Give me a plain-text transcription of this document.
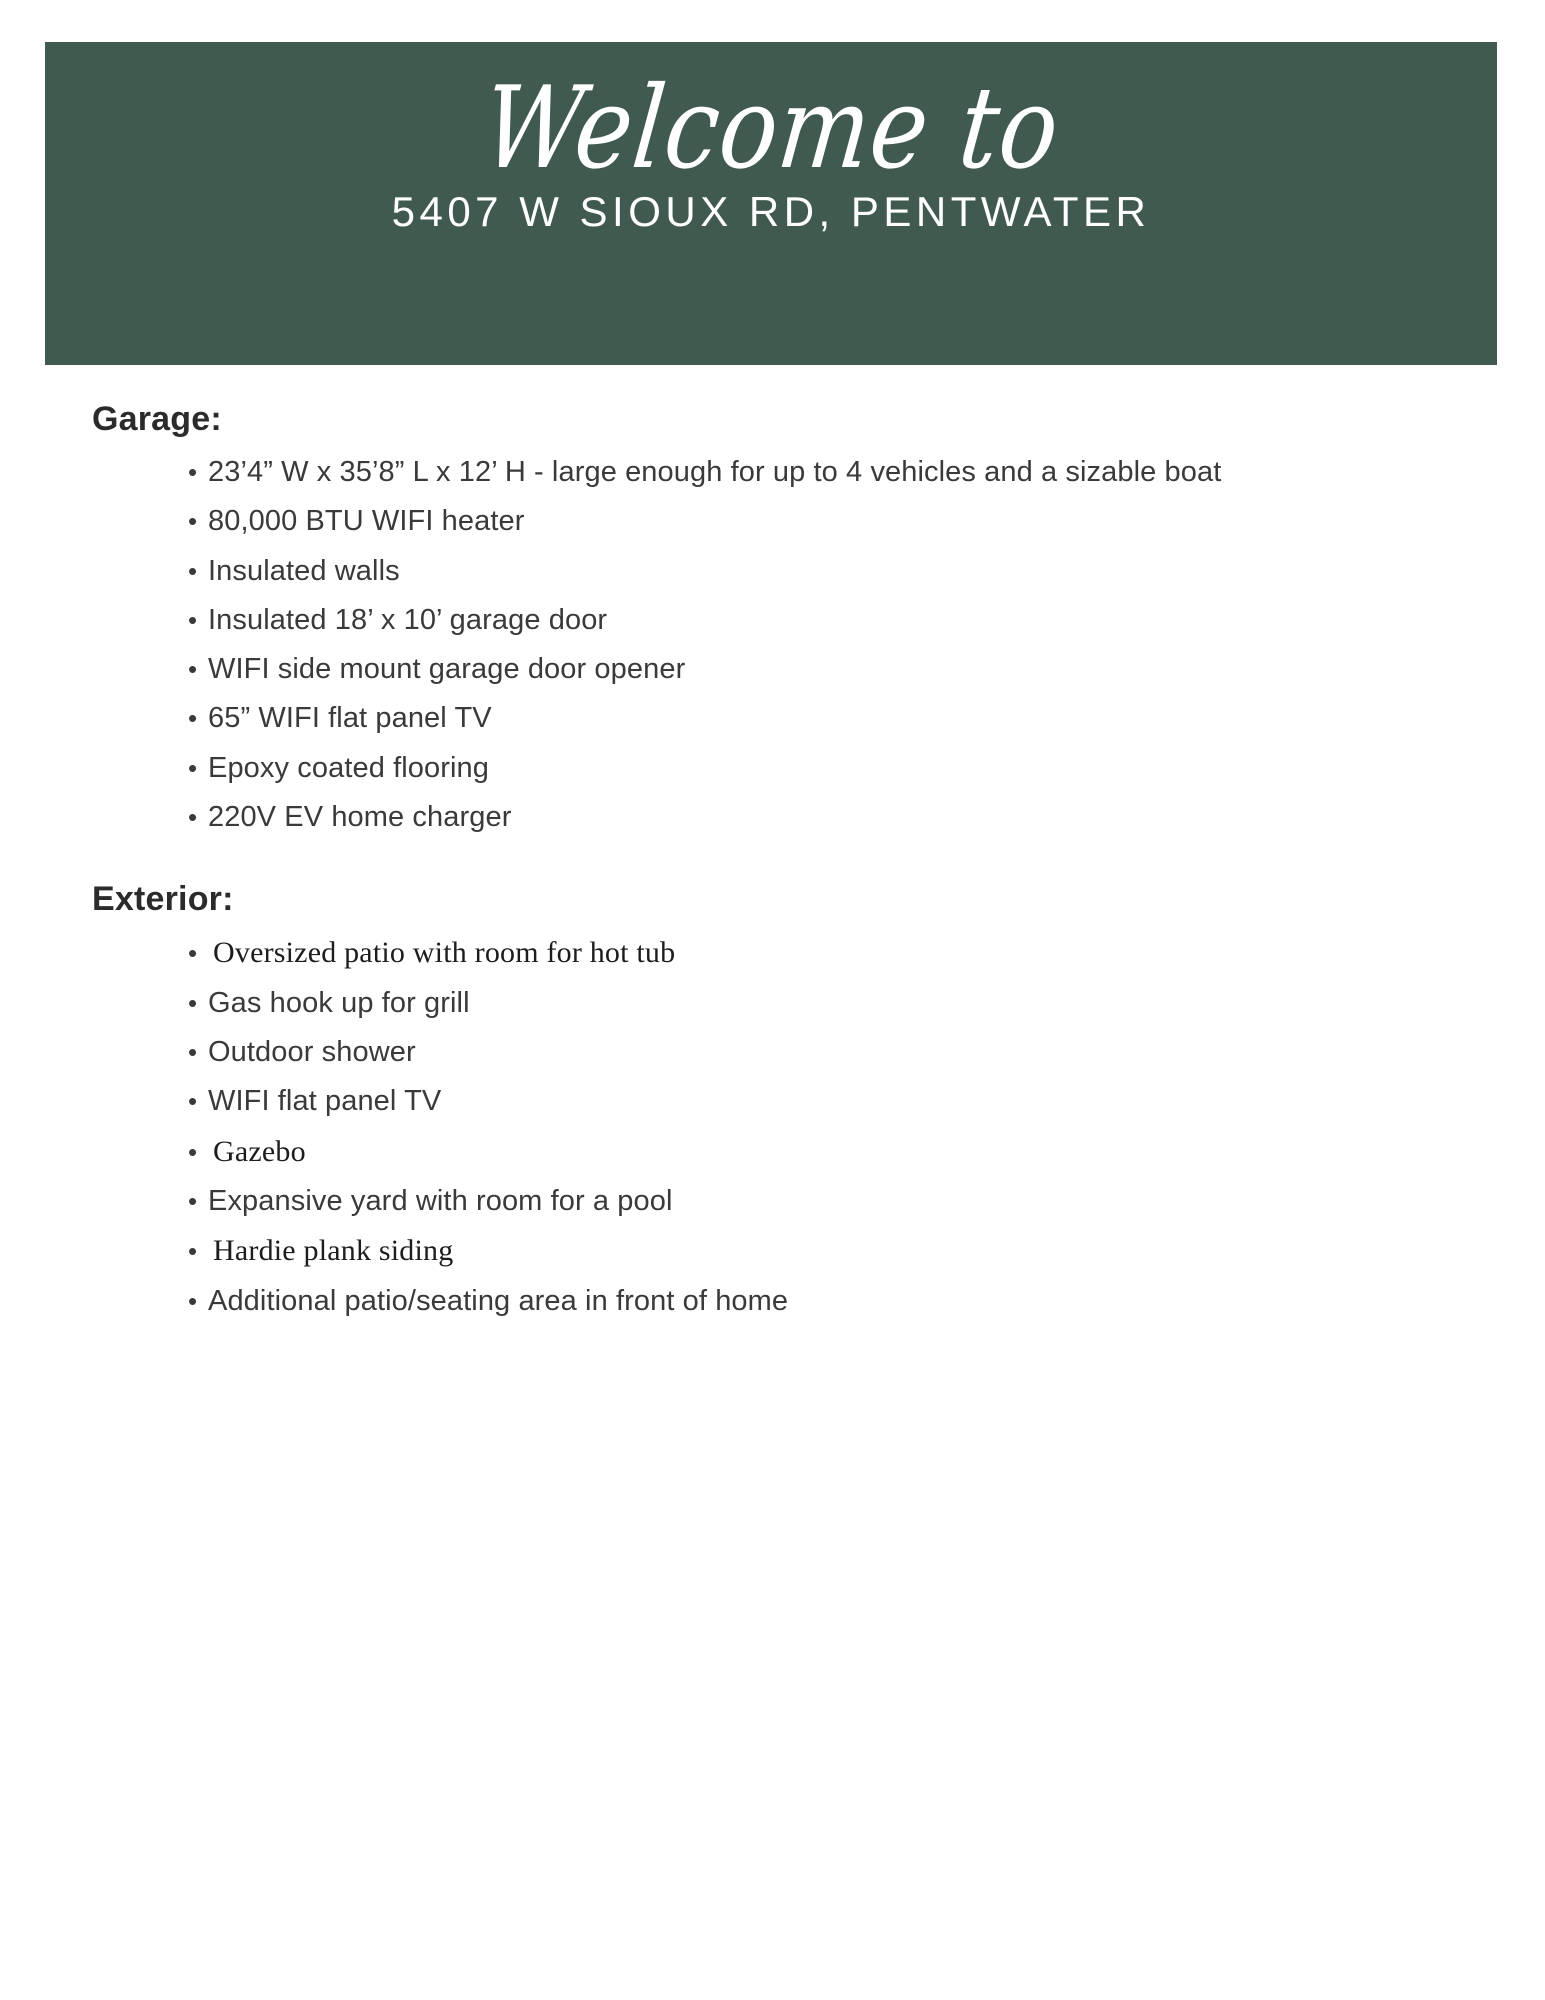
Welcome to
5407 W SIOUX RD, PENTWATER
Garage:
• 23’4” W x 35’8” L x 12’ H - large enough for up to 4 vehicles and a sizable boat
• 80,000 BTU WIFI heater
• Insulated walls
• Insulated 18’ x 10’ garage door
• WIFI side mount garage door opener
• 65” WIFI flat panel TV
• Epoxy coated flooring
• 220V EV home charger
Exterior:
• Oversized patio with room for hot tub
• Gas hook up for grill
• Outdoor shower
• WIFI flat panel TV
• Gazebo
• Expansive yard with room for a pool
• Hardie plank siding
• Additional patio/seating area in front of home
